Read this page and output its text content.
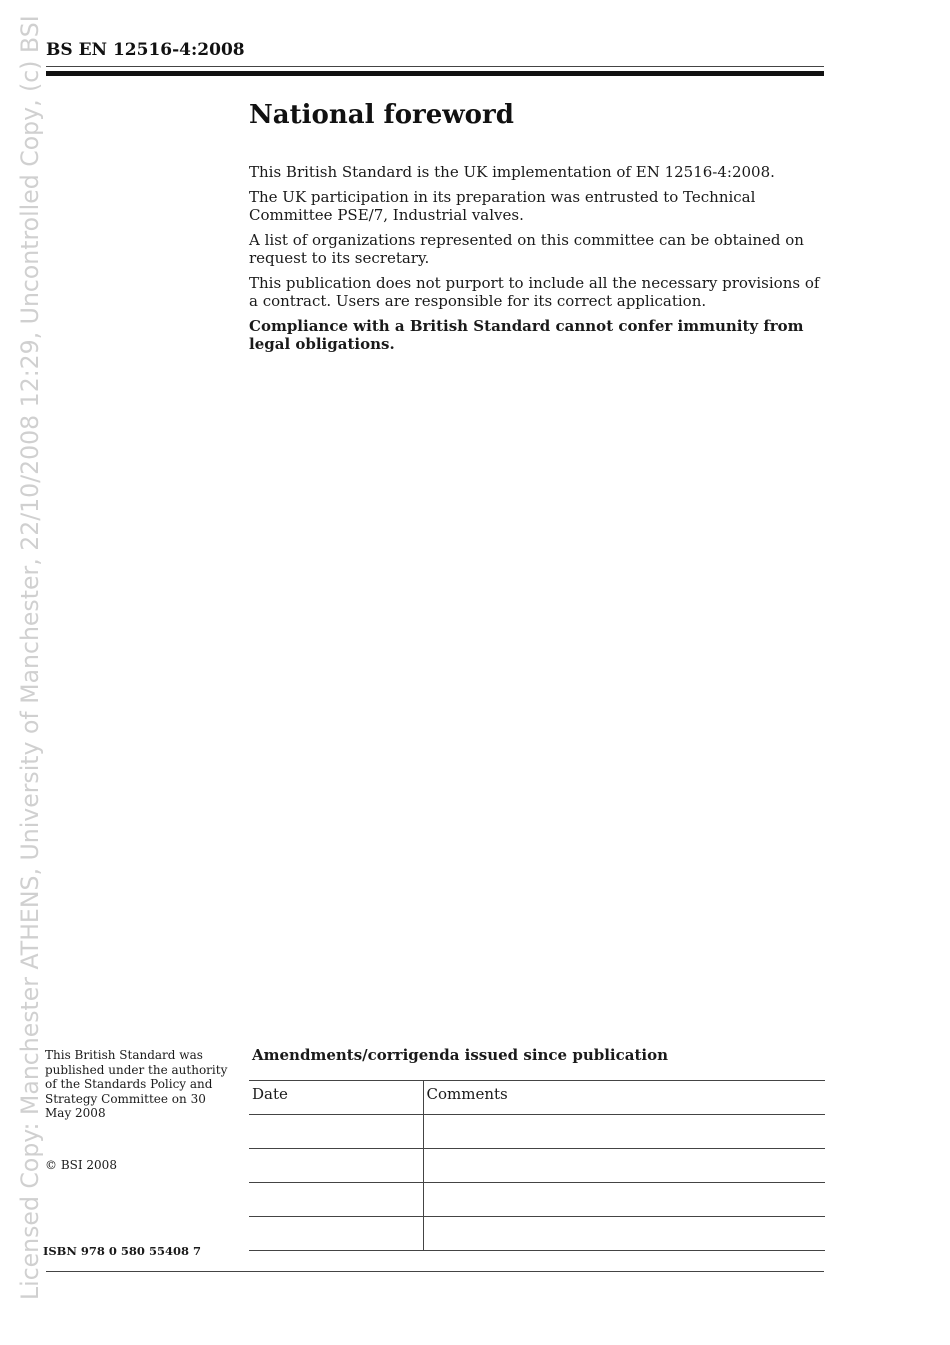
Licensed Copy: Manchester ATHENS, University of Manchester, 22/10/2008 12:29, Uncontrolled Copy, (c) BSI BS EN 12516-4:2008
National foreword

This British Standard is the UK implementation of EN 12516-4:2008.

The UK participation in its preparation was entrusted to Technical Committee PSE/7, Industrial valves.

A list of organizations represented on this committee can be obtained on request to its secretary.

This publication does not purport to include all the necessary provisions of a contract. Users are responsible for its correct application.

Compliance with a British Standard cannot confer immunity from legal obligations.

This British Standard was published under the authority of the Standards Policy and Strategy Committee on 30 May 2008
© BSI 2008
ISBN 978 0 580 55408 7
Amendments/corrigenda issued since publication
Date	Comments
